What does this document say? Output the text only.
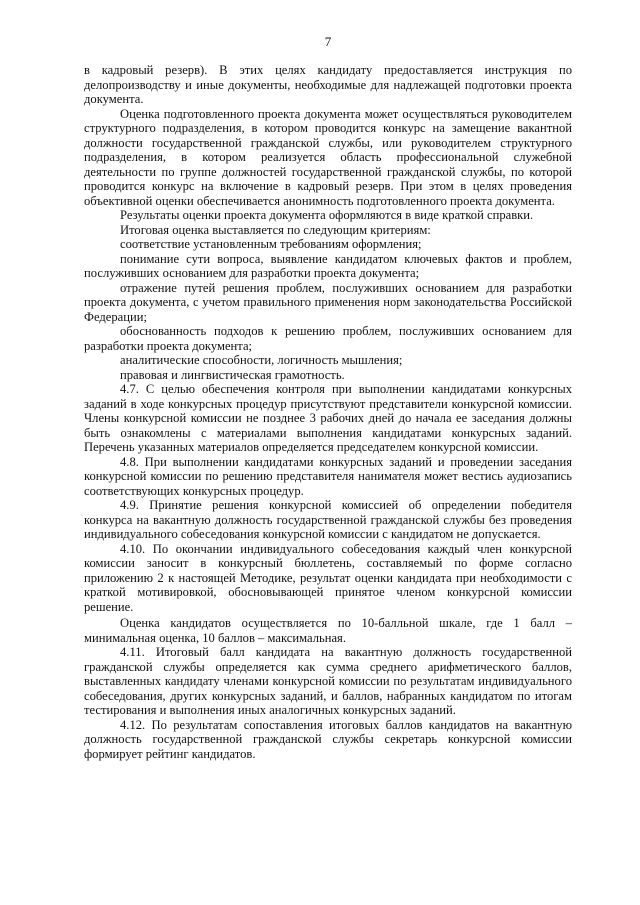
7

в кадровый резерв). В этих целях кандидату предоставляется инструкция по делопроизводству и иные документы, необходимые для надлежащей подготовки проекта документа.

Оценка подготовленного проекта документа может осуществляться руководителем структурного подразделения, в котором проводится конкурс на замещение вакантной должности государственной гражданской службы, или руководителем структурного подразделения, в котором реализуется область профессиональной служебной деятельности по группе должностей государственной гражданской службы, по которой проводится конкурс на включение в кадровый резерв. При этом в целях проведения объективной оценки обеспечивается анонимность подготовленного проекта документа.

Результаты оценки проекта документа оформляются в виде краткой справки.

Итоговая оценка выставляется по следующим критериям:

соответствие установленным требованиям оформления;

понимание сути вопроса, выявление кандидатом ключевых фактов и проблем, послуживших основанием для разработки проекта документа;

отражение путей решения проблем, послуживших основанием для разработки проекта документа, с учетом правильного применения норм законодательства Российской Федерации;

обоснованность подходов к решению проблем, послуживших основанием для разработки проекта документа;

аналитические способности, логичность мышления;

правовая и лингвистическая грамотность.

4.7. С целью обеспечения контроля при выполнении кандидатами конкурсных заданий в ходе конкурсных процедур присутствуют представители конкурсной комиссии. Члены конкурсной комиссии не позднее 3 рабочих дней до начала ее заседания должны быть ознакомлены с материалами выполнения кандидатами конкурсных заданий. Перечень указанных материалов определяется председателем конкурсной комиссии.

4.8. При выполнении кандидатами конкурсных заданий и проведении заседания конкурсной комиссии по решению представителя нанимателя может вестись аудиозапись соответствующих конкурсных процедур.

4.9. Принятие решения конкурсной комиссией об определении победителя конкурса на вакантную должность государственной гражданской службы без проведения индивидуального собеседования конкурсной комиссии с кандидатом не допускается.

4.10. По окончании индивидуального собеседования каждый член конкурсной комиссии заносит в конкурсный бюллетень, составляемый по форме согласно приложению 2 к настоящей Методике, результат оценки кандидата при необходимости с краткой мотивировкой, обосновывающей принятое членом конкурсной комиссии решение.

Оценка кандидатов осуществляется по 10-балльной шкале, где 1 балл – минимальная оценка, 10 баллов – максимальная.

4.11. Итоговый балл кандидата на вакантную должность государственной гражданской службы определяется как сумма среднего арифметического баллов, выставленных кандидату членами конкурсной комиссии по результатам индивидуального собеседования, других конкурсных заданий, и баллов, набранных кандидатом по итогам тестирования и выполнения иных аналогичных конкурсных заданий.

4.12. По результатам сопоставления итоговых баллов кандидатов на вакантную должность государственной гражданской службы секретарь конкурсной комиссии формирует рейтинг кандидатов.
